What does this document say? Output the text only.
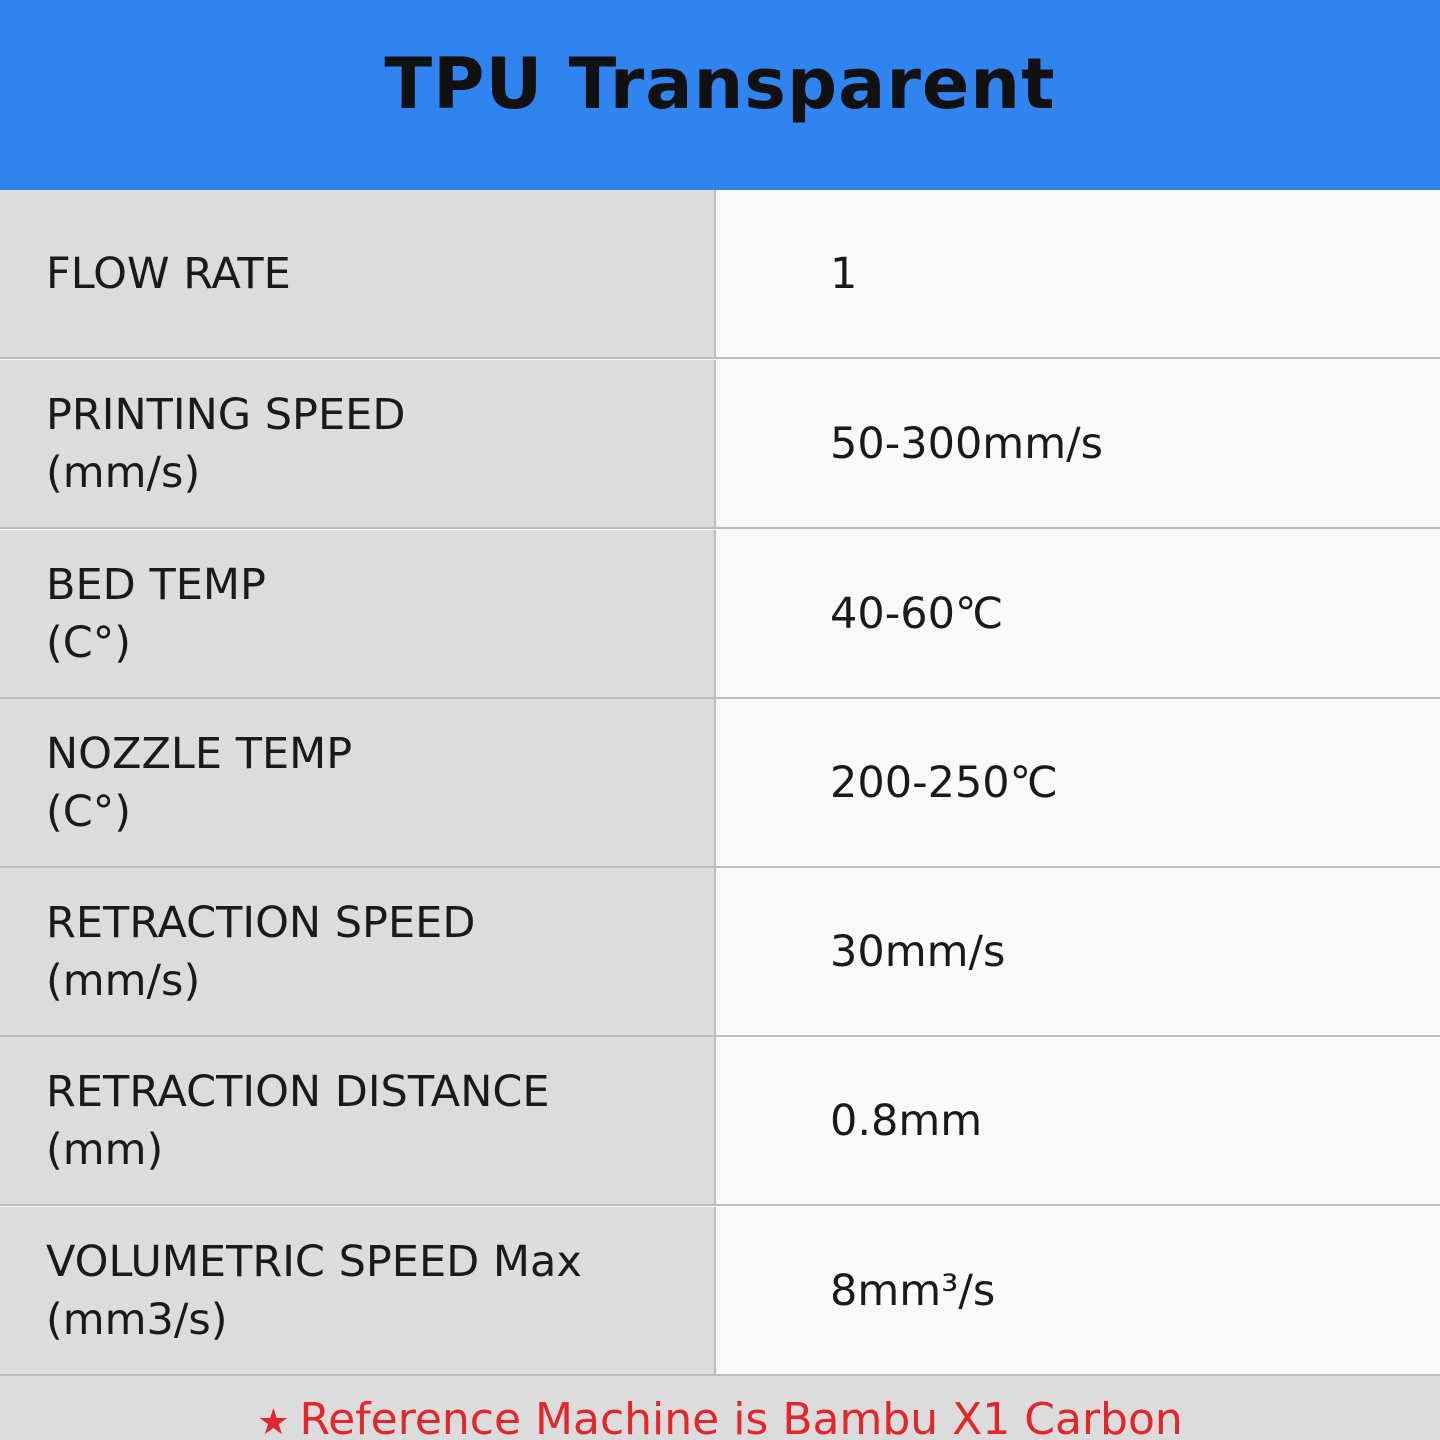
TPU Transparent
FLOW RATE	1
PRINTING SPEED
(mm/s)
50-300mm/s
BED TEMP
(C°)
40-60℃
NOZZLE TEMP
(C°)
200-250℃
RETRACTION SPEED
(mm/s)
30mm/s
RETRACTION DISTANCE
(mm)
0.8mm
VOLUMETRIC SPEED Max
(mm3/s)
8mm³/s
★ Reference Machine is Bambu X1 Carbon
